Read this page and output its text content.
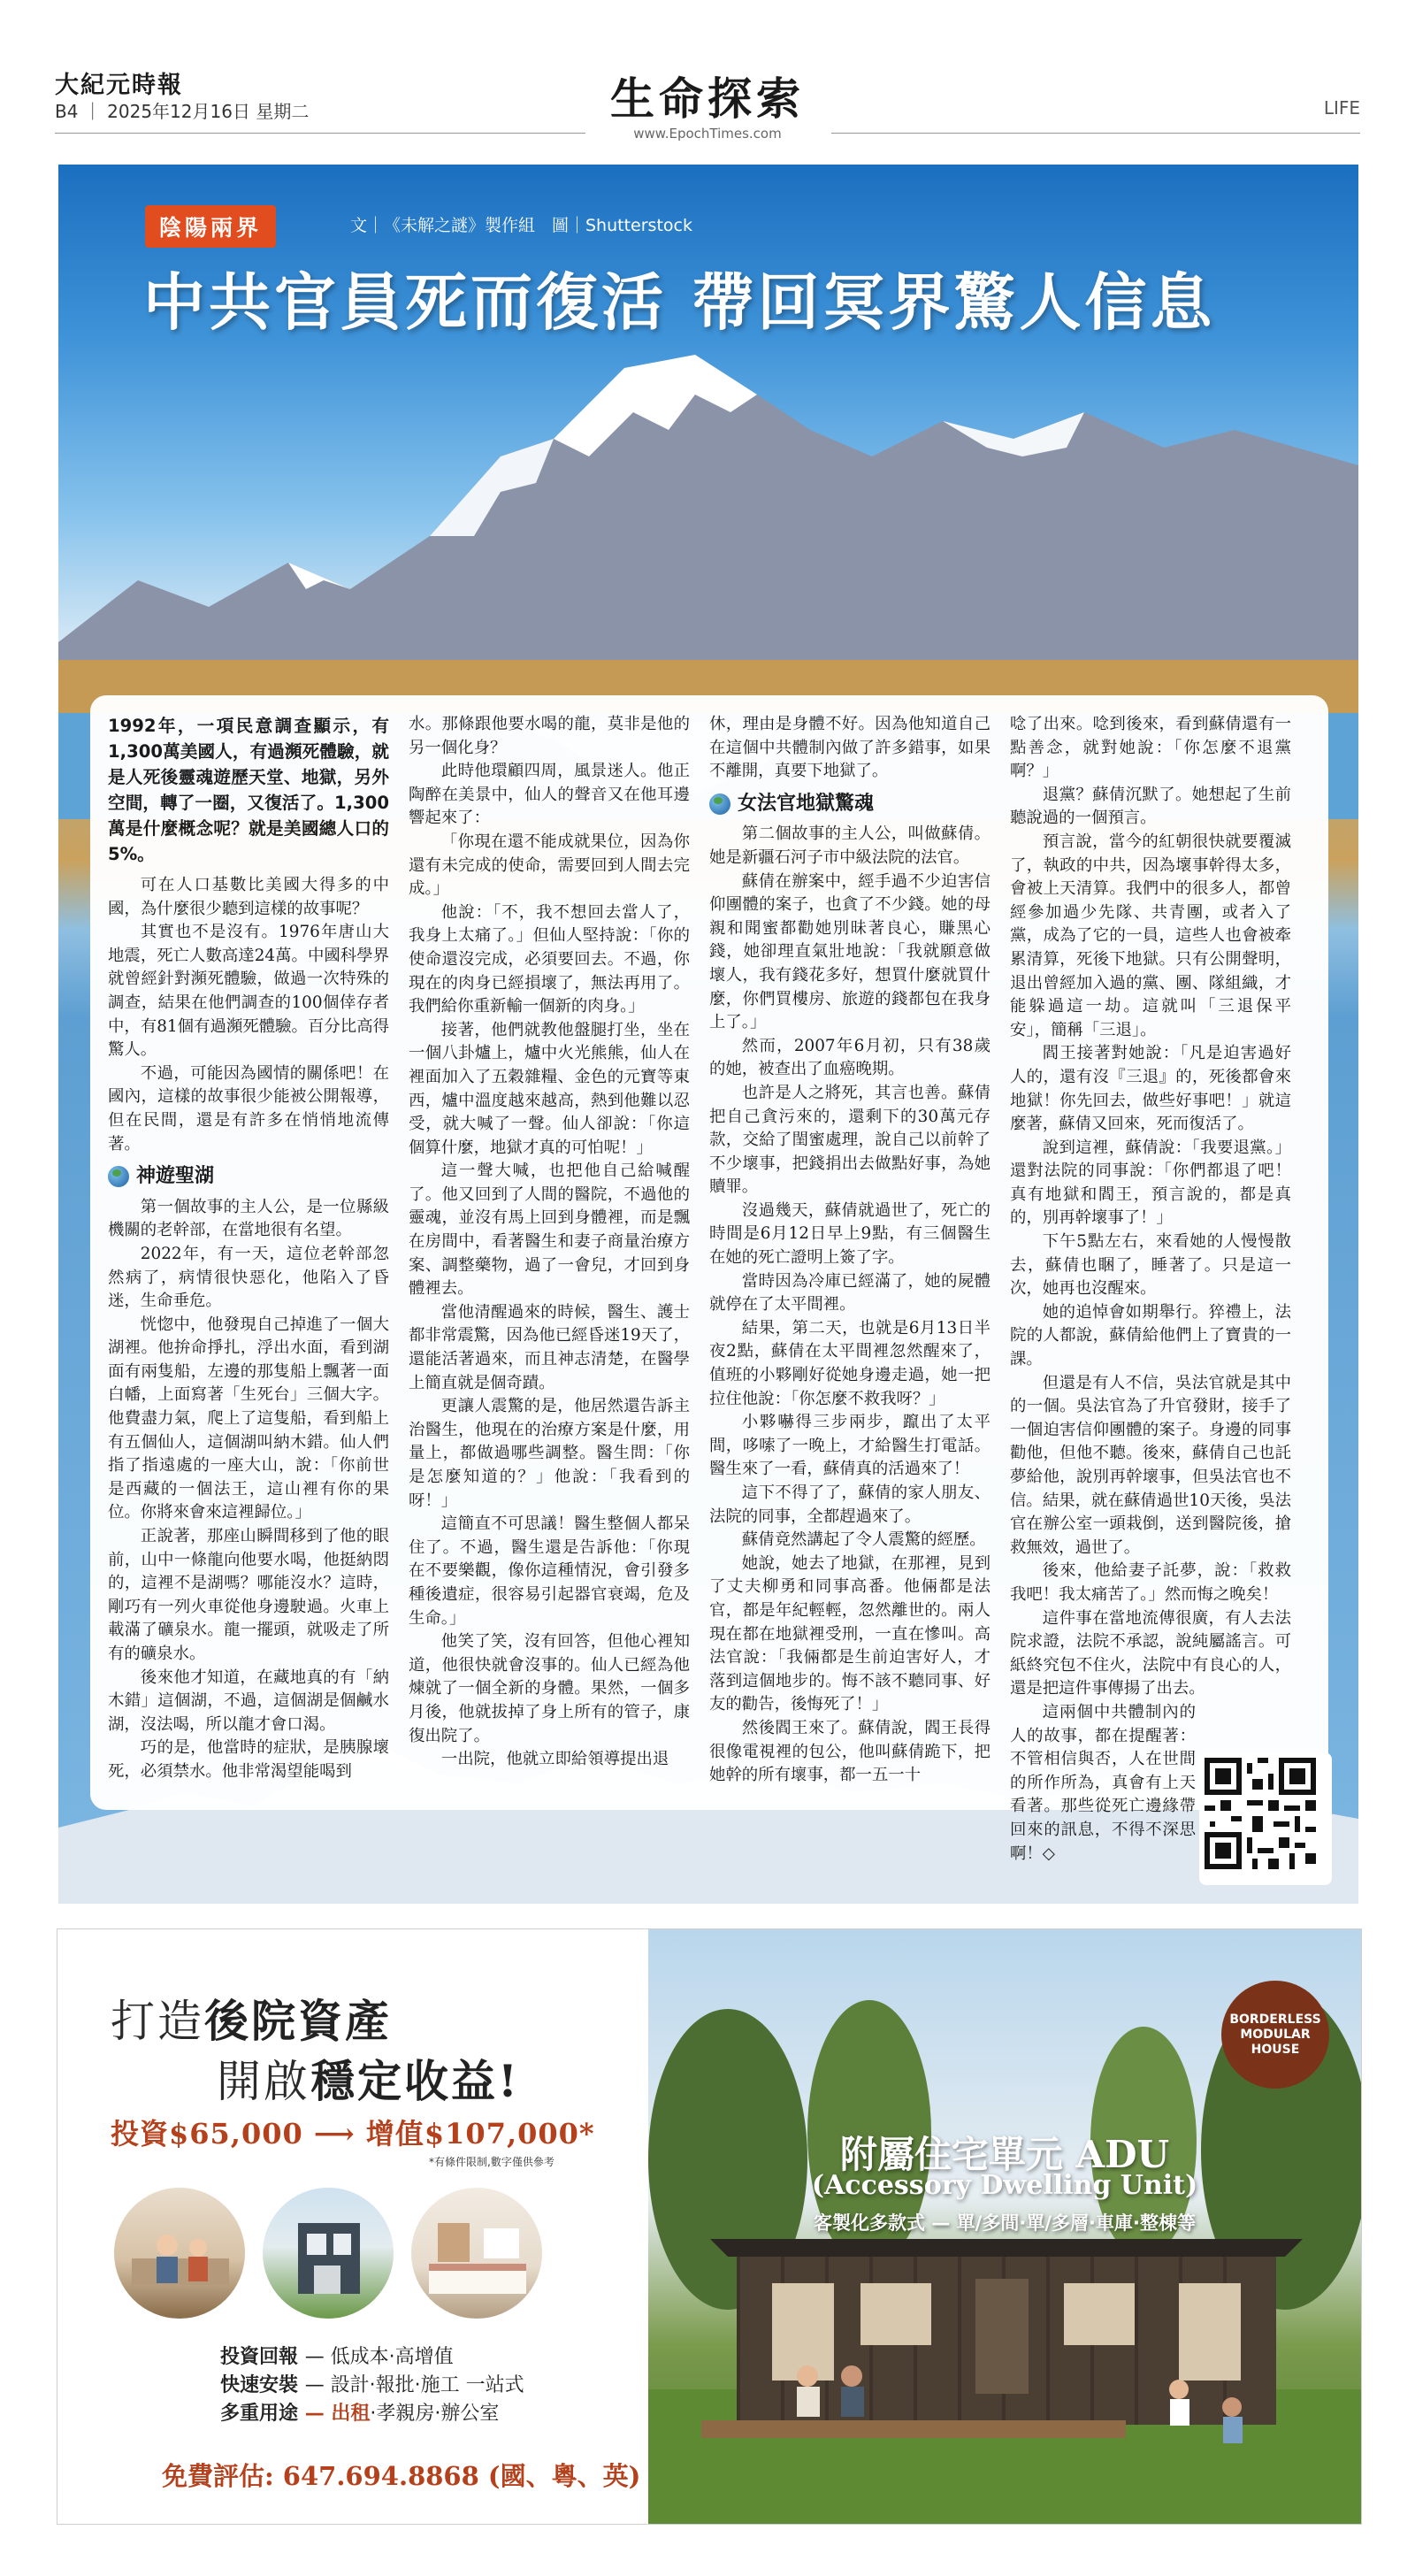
大紀元時報
B4 ｜ 2025年12月16日 星期二	生命探索
www.EpochTimes.com
LIFE
陰陽兩界	文｜《未解之謎》製作組　圖｜Shutterstock
中共官員死而復活 帶回冥界驚人信息

1992年，一項民意調查顯示，有1,300萬美國人，有過瀕死體驗，就是人死後靈魂遊歷天堂、地獄，另外空間，轉了一圈，又復活了。1,300萬是什麼概念呢？就是美國總人口的5%。

可在人口基數比美國大得多的中國，為什麼很少聽到這樣的故事呢？

其實也不是沒有。1976年唐山大地震，死亡人數高達24萬。中國科學界就曾經針對瀕死體驗，做過一次特殊的調查，結果在他們調查的100個倖存者中，有81個有過瀕死體驗。百分比高得驚人。

不過，可能因為國情的關係吧！在國內，這樣的故事很少能被公開報導，但在民間，還是有許多在悄悄地流傳著。

神遊聖湖

第一個故事的主人公，是一位縣級機關的老幹部，在當地很有名望。

2022年，有一天，這位老幹部忽然病了，病情很快惡化，他陷入了昏迷，生命垂危。

恍惚中，他發現自己掉進了一個大湖裡。他拚命掙扎，浮出水面，看到湖面有兩隻船，左邊的那隻船上飄著一面白幡，上面寫著「生死台」三個大字。他費盡力氣，爬上了這隻船，看到船上有五個仙人，這個湖叫納木錯。仙人們指了指遠處的一座大山，說：「你前世是西藏的一個法王，這山裡有你的果位。你將來會來這裡歸位。」

正說著，那座山瞬間移到了他的眼前，山中一條龍向他要水喝，他挺納悶的，這裡不是湖嗎？哪能沒水？這時，剛巧有一列火車從他身邊駛過。火車上載滿了礦泉水。龍一擺頭，就吸走了所有的礦泉水。

後來他才知道，在藏地真的有「納木錯」這個湖，不過，這個湖是個鹹水湖，沒法喝，所以龍才會口渴。

巧的是，他當時的症狀，是胰腺壞死，必須禁水。他非常渴望能喝到

水。那條跟他要水喝的龍，莫非是他的另一個化身？

此時他環顧四周，風景迷人。他正陶醉在美景中，仙人的聲音又在他耳邊響起來了：

「你現在還不能成就果位，因為你還有未完成的使命，需要回到人間去完成。」

他說：「不，我不想回去當人了，我身上太痛了。」但仙人堅持說：「你的使命還沒完成，必須要回去。不過，你現在的肉身已經損壞了，無法再用了。我們給你重新輸一個新的肉身。」

接著，他們就教他盤腿打坐，坐在一個八卦爐上，爐中火光熊熊，仙人在裡面加入了五穀雜糧、金色的元寶等東西，爐中溫度越來越高，熱到他難以忍受，就大喊了一聲。仙人卻說：「你這個算什麼，地獄才真的可怕呢！」

這一聲大喊，也把他自己給喊醒了。他又回到了人間的醫院，不過他的靈魂，並沒有馬上回到身體裡，而是飄在房間中，看著醫生和妻子商量治療方案、調整藥物，過了一會兒，才回到身體裡去。

當他清醒過來的時候，醫生、護士都非常震驚，因為他已經昏迷19天了，還能活著過來，而且神志清楚，在醫學上簡直就是個奇蹟。

更讓人震驚的是，他居然還告訴主治醫生，他現在的治療方案是什麼，用量上，都做過哪些調整。醫生問：「你是怎麼知道的？」他說：「我看到的呀！」

這簡直不可思議！醫生整個人都呆住了。不過，醫生還是告訴他：「你現在不要樂觀，像你這種情況，會引發多種後遺症，很容易引起器官衰竭，危及生命。」

他笑了笑，沒有回答，但他心裡知道，他很快就會沒事的。仙人已經為他煉就了一個全新的身體。果然，一個多月後，他就拔掉了身上所有的管子，康復出院了。

一出院，他就立即給領導提出退

休，理由是身體不好。因為他知道自己在這個中共體制內做了許多錯事，如果不離開，真要下地獄了。

女法官地獄驚魂

第二個故事的主人公，叫做蘇倩。她是新疆石河子市中級法院的法官。

蘇倩在辦案中，經手過不少迫害信仰團體的案子，也貪了不少錢。她的母親和聞蜜都勸她別昧著良心，賺黑心錢，她卻理直氣壯地說：「我就願意做壞人，我有錢花多好，想買什麼就買什麼，你們買樓房、旅遊的錢都包在我身上了。」

然而，2007年6月初，只有38歲的她，被查出了血癌晚期。

也許是人之將死，其言也善。蘇倩把自己貪污來的，還剩下的30萬元存款，交給了閨蜜處理，說自己以前幹了不少壞事，把錢捐出去做點好事，為她贖罪。

沒過幾天，蘇倩就過世了，死亡的時間是6月12日早上9點，有三個醫生在她的死亡證明上簽了字。

當時因為冷庫已經滿了，她的屍體就停在了太平間裡。

結果，第二天，也就是6月13日半夜2點，蘇倩在太平間裡忽然醒來了，值班的小夥剛好從她身邊走過，她一把拉住他說：「你怎麼不救我呀？」

小夥嚇得三步兩步，躥出了太平間，哆嗦了一晚上，才給醫生打電話。醫生來了一看，蘇倩真的活過來了！

這下不得了了，蘇倩的家人朋友、法院的同事，全都趕過來了。

蘇倩竟然講起了令人震驚的經歷。

她說，她去了地獄，在那裡，見到了丈夫柳勇和同事高番。他倆都是法官，都是年紀輕輕，忽然離世的。兩人現在都在地獄裡受刑，一直在慘叫。高法官說：「我倆都是生前迫害好人，才落到這個地步的。悔不該不聽同事、好友的勸告，後悔死了！」

然後閻王來了。蘇倩說，閻王長得很像電視裡的包公，他叫蘇倩跪下，把她幹的所有壞事，都一五一十

唸了出來。唸到後來，看到蘇倩還有一點善念，就對她說：「你怎麼不退黨啊？」

退黨？蘇倩沉默了。她想起了生前聽說過的一個預言。

預言說，當今的紅朝很快就要覆滅了，執政的中共，因為壞事幹得太多，會被上天清算。我們中的很多人，都曾經參加過少先隊、共青團，或者入了黨，成為了它的一員，這些人也會被牽累清算，死後下地獄。只有公開聲明，退出曾經加入過的黨、團、隊組織，才能躲過這一劫。這就叫「三退保平安」，簡稱「三退」。

閻王接著對她說：「凡是迫害過好人的，還有沒『三退』的，死後都會來地獄！你先回去，做些好事吧！」就這麼著，蘇倩又回來，死而復活了。

說到這裡，蘇倩說：「我要退黨。」還對法院的同事說：「你們都退了吧！真有地獄和閻王，預言說的，都是真的，別再幹壞事了！」

下午5點左右，來看她的人慢慢散去，蘇倩也睏了，睡著了。只是這一次，她再也沒醒來。

她的追悼會如期舉行。猝禮上，法院的人都說，蘇倩給他們上了寶貴的一課。

但還是有人不信，吳法官就是其中的一個。吳法官為了升官發財，接手了一個迫害信仰團體的案子。身邊的同事勸他，但他不聽。後來，蘇倩自己也託夢給他，說別再幹壞事，但吳法官也不信。結果，就在蘇倩過世10天後，吳法官在辦公室一頭栽倒，送到醫院後，搶救無效，過世了。

後來，他給妻子託夢，說：「救救我吧！我太痛苦了。」然而悔之晚矣！

這件事在當地流傳很廣，有人去法院求證，法院不承認，說純屬謠言。可紙終究包不住火，法院中有良心的人，還是把這件事傳揚了出去。

這兩個中共體制內的人的故事，都在提醒著：不管相信與否，人在世間的所作所為，真會有上天看著。那些從死亡邊緣帶回來的訊息，不得不深思啊！◇

打造後院資產
開啟穩定收益!
投資$65,000 ⟶ 增值$107,000*
*有條件限制,數字僅供參考
投資回報 — 低成本·高增值
快速安裝 — 設計·報批·施工 一站式
多重用途 — 出租·孝親房·辦公室
免費評估: 647.694.8868 (國、粵、英)
BORDERLESS
MODULAR
HOUSE
附屬住宅單元 ADU
(Accessory Dwelling Unit)
客製化多款式 — 單/多間·單/多層·車庫·整棟等
